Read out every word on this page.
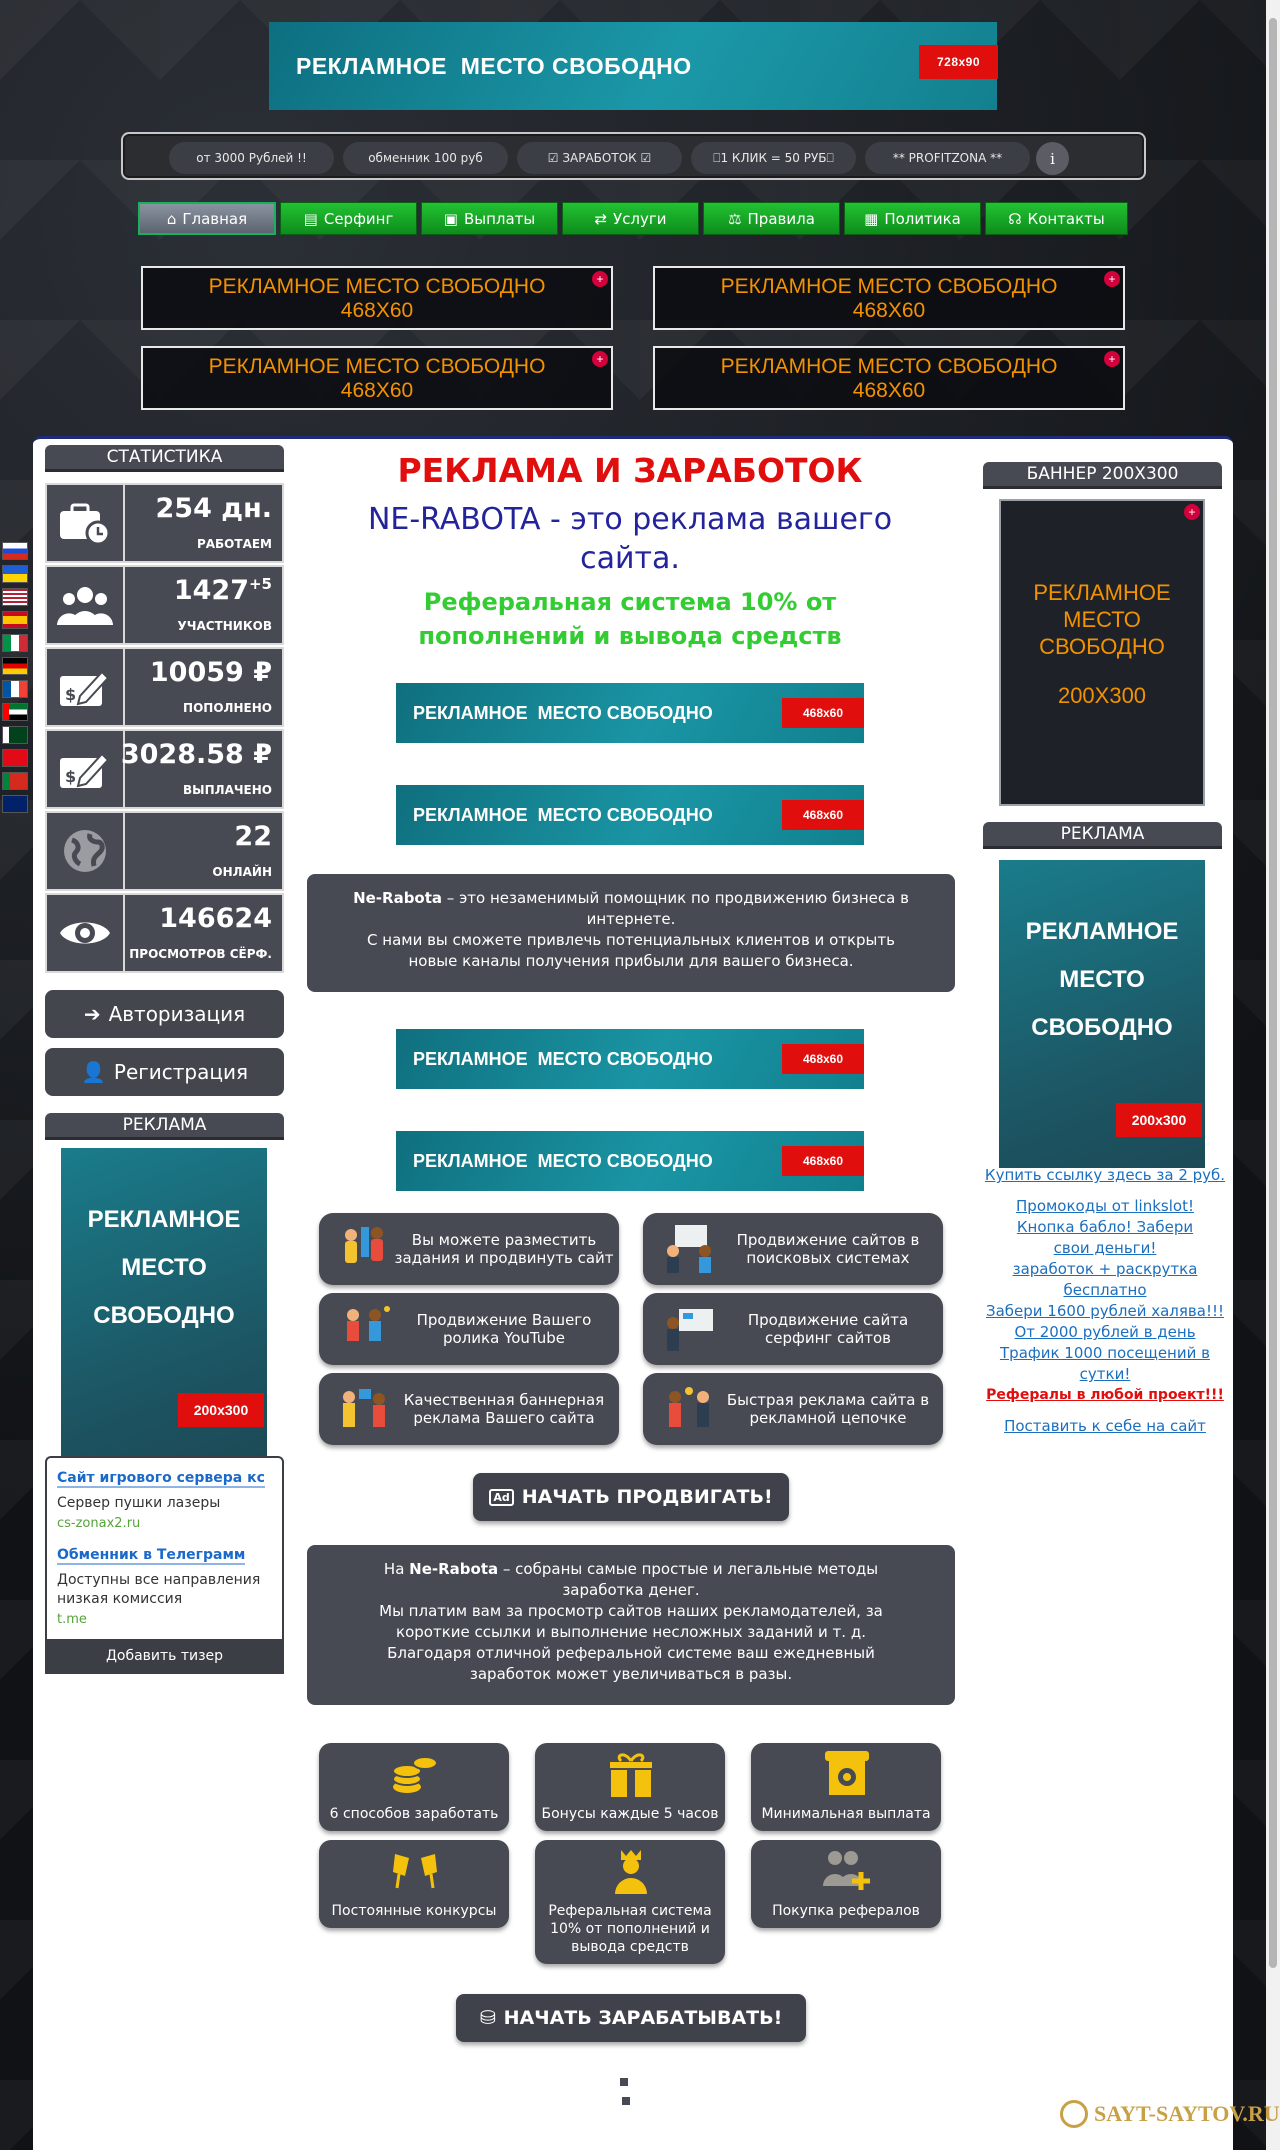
РЕКЛАМНОЕ  МЕСТО СВОБОДНО	728x90
от 3000 Рублей !!	обменник 100 руб	☑ ЗАРАБОТОК ☑	⎕1 КЛИК = 50 РУБ⎕	** PROFITZONA **	i
⌂ Главная	▤ Серфинг	▣ Выплаты	⇄ Услуги	⚖ Правила	▦ Политика	☊ Контакты
РЕКЛАМНОЕ МЕСТО СВОБОДНО
468X60
+	РЕКЛАМНОЕ МЕСТО СВОБОДНО
468X60
+
РЕКЛАМНОЕ МЕСТО СВОБОДНО
468X60
+	РЕКЛАМНОЕ МЕСТО СВОБОДНО
468X60
+
СТАТИСТИКА
254 дн.
РАБОТАЕМ
$1427^{+5}$
УЧАСТНИКОВ
$
10059 ₽
ПОПОЛНЕНО
$
3028.58 ₽
ВЫПЛАЧЕНО
22
ОНЛАЙН
146624
ПРОСМОТРОВ СЁРФ.
➔ Авторизация
👤 Регистрация
РЕКЛАМА
РЕКЛАМНОЕ
МЕСТО
СВОБОДНО
200x300
Сайт игрового сервера кс
Сервер пушки лазеры
cs-zonax2.ru
Обменник в Телеграмм
Доступны все направления низкая комиссия
t.me
Добавить тизер
РЕКЛАМА И ЗАРАБОТОК
NE-RABOTA - это реклама вашего сайта.
Реферальная система 10% от пополнений и вывода средств
РЕКЛАМНОЕ  МЕСТО СВОБОДНО	468x60
РЕКЛАМНОЕ  МЕСТО СВОБОДНО	468x60
Ne-Rabota – это незаменимый помощник по продвижению бизнеса в интернете.
С нами вы сможете привлечь потенциальных клиентов и открыть новые каналы получения прибыли для вашего бизнеса.
РЕКЛАМНОЕ  МЕСТО СВОБОДНО	468x60
РЕКЛАМНОЕ  МЕСТО СВОБОДНО	468x60
Вы можете разместить задания и продвинуть сайт
Продвижение сайтов в поисковых системах
Продвижение Вашего ролика YouTube
Продвижение сайта серфинг сайтов
Качественная баннерная реклама Вашего сайта
Быстрая реклама сайта в рекламной цепочке
Ad НАЧАТЬ ПРОДВИГАТЬ!
На Ne-Rabota – собраны самые простые и легальные методы заработка денег.
Мы платим вам за просмотр сайтов наших рекламодателей, за короткие ссылки и выполнение несложных заданий и т. д.
Благодаря отличной реферальной системе ваш ежедневный заработок может увеличиваться в разы.
6 способов заработать	Бонусы каждые 5 часов	Минимальная выплата
Постоянные конкурсы	Реферальная система 10% от пополнений и вывода средств
Покупка рефералов
⛁ НАЧАТЬ ЗАРАБАТЫВАТЬ!

БАННЕР 200X300
РЕКЛАМНОЕ
МЕСТО
СВОБОДНО
200X300
+
РЕКЛАМА
РЕКЛАМНОЕ
МЕСТО
СВОБОДНО
200x300
Купить ссылку здесь за 2 руб.
Промокоды от linkslot!
Кнопка бабло! Забери свои деньги!
заработок + раскрутка бесплатно
Забери 1600 рублей халява!!!
От 2000 рублей в день
Трафик 1000 посещений в сутки!
Рефералы в любой проект!!!
Поставить к себе на сайт
SAYT-SAYTOV.RU
